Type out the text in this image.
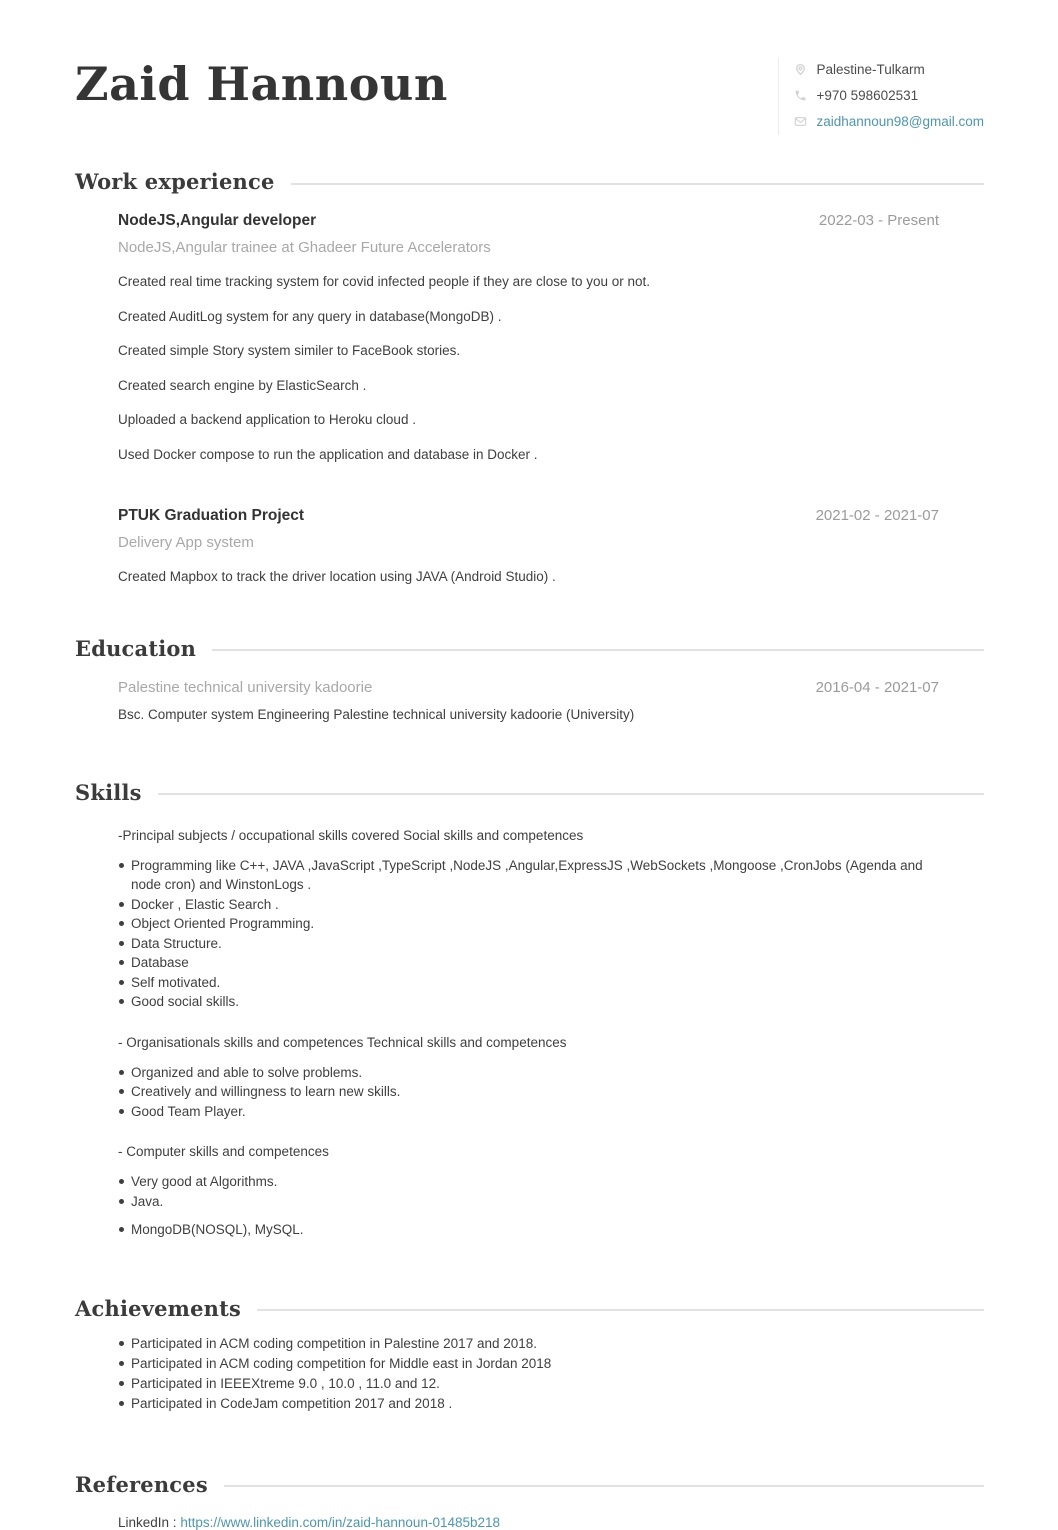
Zaid Hannoun	Palestine-Tulkarm
+970 598602531
zaidhannoun98@gmail.com
Work experience
NodeJS,Angular developer	2022-03 - Present
NodeJS,Angular trainee at Ghadeer Future Accelerators
Created real time tracking system for covid infected people if they are close to you or not.
Created AuditLog system for any query in database(MongoDB) .
Created simple Story system similer to FaceBook stories.
Created search engine by ElasticSearch .
Uploaded a backend application to Heroku cloud .
Used Docker compose to run the application and database in Docker .
PTUK Graduation Project	2021-02 - 2021-07
Delivery App system
Created Mapbox to track the driver location using JAVA (Android Studio) .
Education
Palestine technical university kadoorie	2016-04 - 2021-07
Bsc. Computer system Engineering Palestine technical university kadoorie (University)
Skills
-Principal subjects / occupational skills covered Social skills and competences
Programming like C++, JAVA ,JavaScript ,TypeScript ,NodeJS ,Angular,ExpressJS ,WebSockets ,Mongoose ,CronJobs (Agenda and node cron) and WinstonLogs .
Docker , Elastic Search .
Object Oriented Programming.
Data Structure.
Database
Self motivated.
Good social skills.
- Organisationals skills and competences Technical skills and competences
Organized and able to solve problems.
Creatively and willingness to learn new skills.
Good Team Player.
- Computer skills and competences
Very good at Algorithms.
Java.
MongoDB(NOSQL), MySQL.
Achievements
Participated in ACM coding competition in Palestine 2017 and 2018.
Participated in ACM coding competition for Middle east in Jordan 2018
Participated in IEEEXtreme 9.0 , 10.0 , 11.0 and 12.
Participated in CodeJam competition 2017 and 2018 .
References
LinkedIn : https://www.linkedin.com/in/zaid-hannoun-01485b218
